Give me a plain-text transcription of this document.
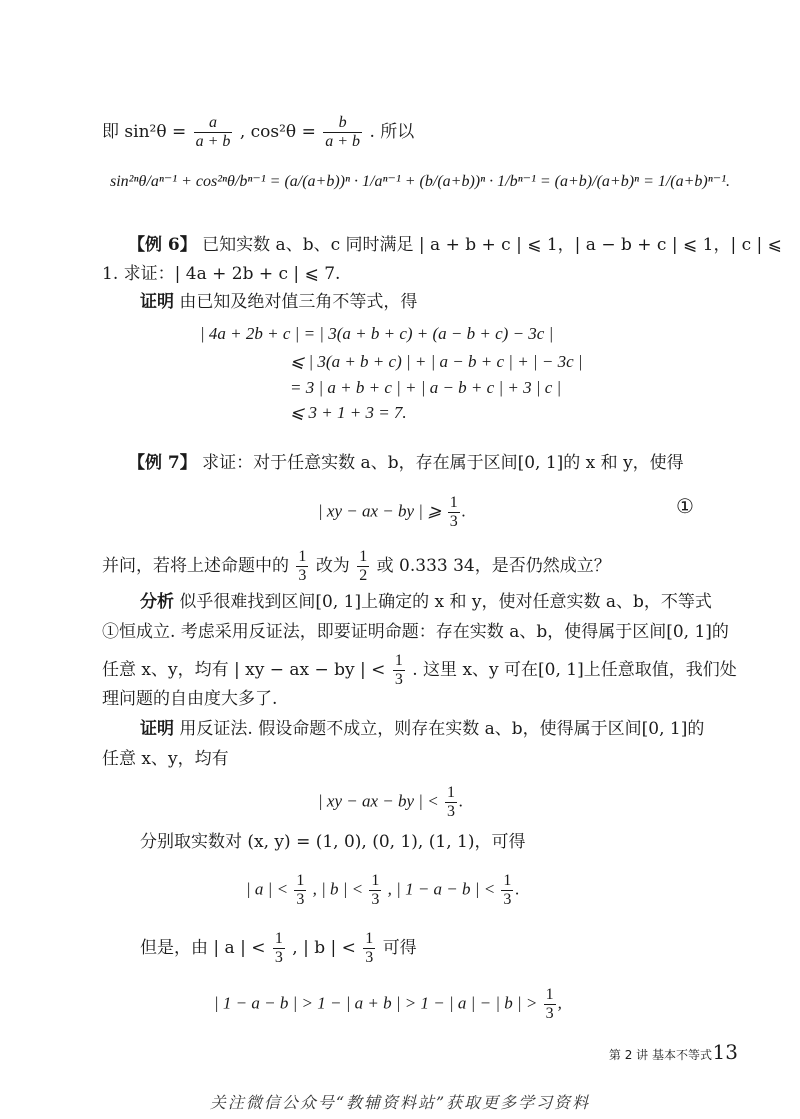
即 $\sin^2\theta = \frac{a}{a + b}$ , $\cos^2\theta = \frac{b}{a + b}$ . 所以
sin²ⁿθ/aⁿ⁻¹ + cos²ⁿθ/bⁿ⁻¹ = (a/(a+b))ⁿ · 1/aⁿ⁻¹ + (b/(a+b))ⁿ · 1/bⁿ⁻¹ = (a+b)/(a+b)ⁿ = 1/(a+b)ⁿ⁻¹.
【例 6】 已知实数 a、b、c 同时满足 | a + b + c | ⩽ 1，| a − b + c | ⩽ 1，| c | ⩽
1. 求证：| 4a + 2b + c | ⩽ 7.
证明 由已知及绝对值三角不等式，得
| 4a + 2b + c | = | 3(a + b + c) + (a − b + c) − 3c |
⩽ | 3(a + b + c) | + | a − b + c | + | − 3c |
= 3 | a + b + c | + | a − b + c | + 3 | c |
⩽ 3 + 1 + 3 = 7.
【例 7】 求证：对于任意实数 a、b，存在属于区间[0, 1]的 x 和 y，使得
| xy − ax − by | ⩾ $\frac{1}{3}$ .	①
并问，若将上述命题中的 $\frac{1}{3}$ 改为 $\frac{1}{2}$ 或 0.333 34，是否仍然成立？
分析 似乎很难找到区间[0, 1]上确定的 x 和 y，使对任意实数 a、b，不等式
①恒成立. 考虑采用反证法，即要证明命题：存在实数 a、b，使得属于区间[0, 1]的
任意 x、y，均有 | xy − ax − by | < $\frac{1}{3}$ . 这里 x、y 可在[0, 1]上任意取值，我们处
理问题的自由度大多了.
证明 用反证法. 假设命题不成立，则存在实数 a、b，使得属于区间[0, 1]的
任意 x、y，均有
| xy − ax − by | < $\frac{1}{3}$ .
分别取实数对 (x, y) = (1, 0), (0, 1), (1, 1)，可得
| a | < $\frac{1}{3}$ , | b | < $\frac{1}{3}$ , | 1 − a − b | < $\frac{1}{3}$ .
但是，由 | a | < $\frac{1}{3}$ , | b | < $\frac{1}{3}$ 可得
| 1 − a − b | > 1 − | a + b | > 1 − | a | − | b | > $\frac{1}{3}$ ,
第 2 讲 基本不等式 13
关注微信公众号“教辅资料站”获取更多学习资料
